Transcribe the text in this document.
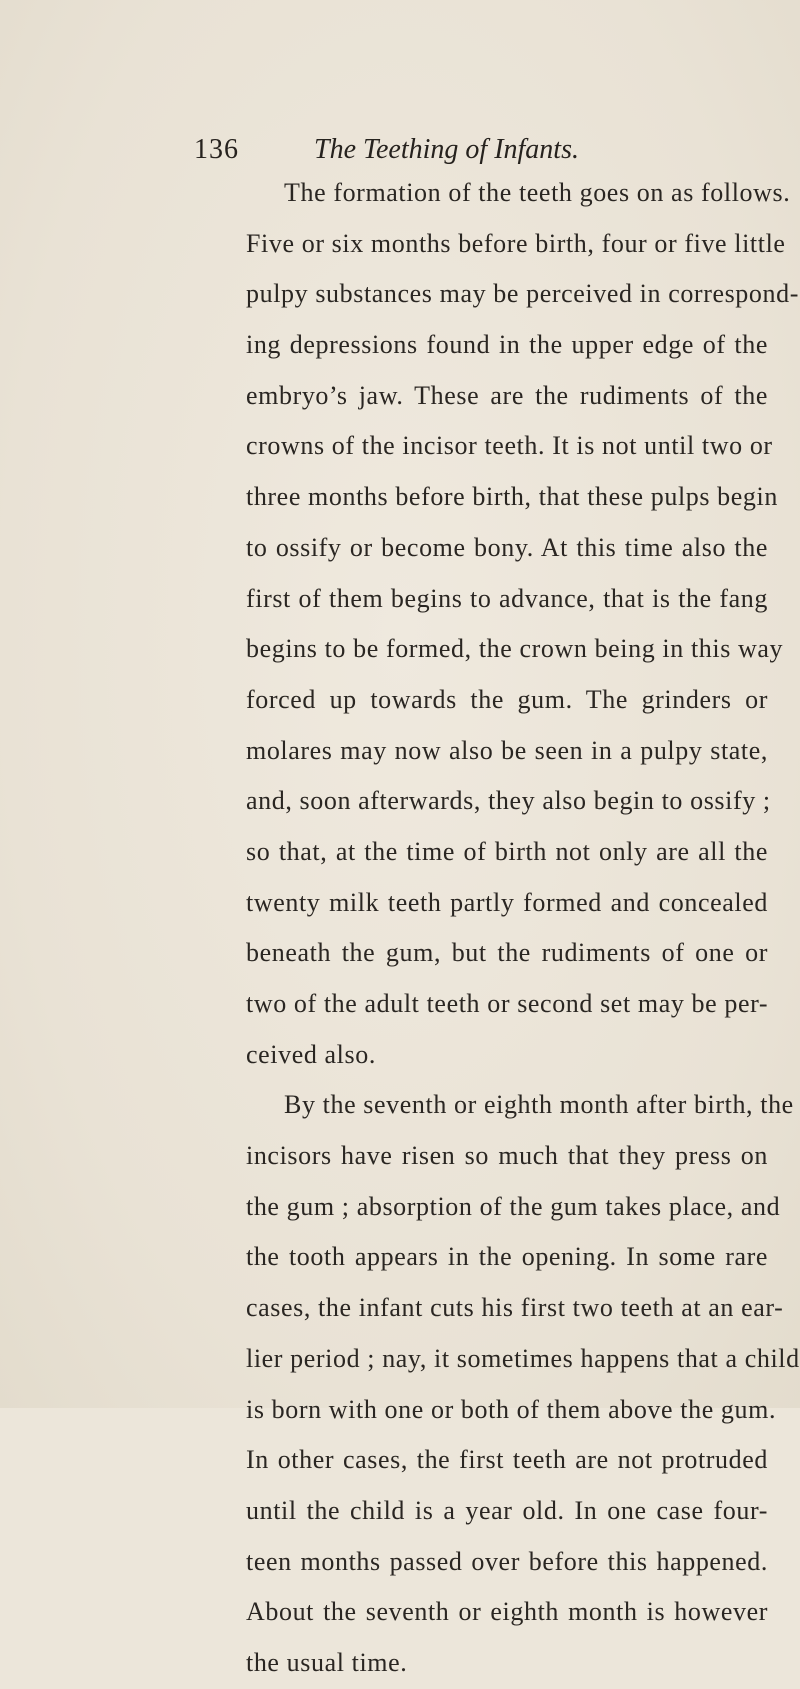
136	The Teething of Infants.
The formation of the teeth goes on as follows.
Five or six months before birth, four or five little
pulpy substances may be perceived in correspond-
ing depressions found in the upper edge of the
embryo’s jaw. These are the rudiments of the
crowns of the incisor teeth. It is not until two or
three months before birth, that these pulps begin
to ossify or become bony. At this time also the
first of them begins to advance, that is the fang
begins to be formed, the crown being in this way
forced up towards the gum. The grinders or
molares may now also be seen in a pulpy state,
and, soon afterwards, they also begin to ossify ;
so that, at the time of birth not only are all the
twenty milk teeth partly formed and concealed
beneath the gum, but the rudiments of one or
two of the adult teeth or second set may be per-
ceived also.
By the seventh or eighth month after birth, the
incisors have risen so much that they press on
the gum ; absorption of the gum takes place, and
the tooth appears in the opening. In some rare
cases, the infant cuts his first two teeth at an ear-
lier period ; nay, it sometimes happens that a child
is born with one or both of them above the gum.
In other cases, the first teeth are not protruded
until the child is a year old. In one case four-
teen months passed over before this happened.
About the seventh or eighth month is however
the usual time.
